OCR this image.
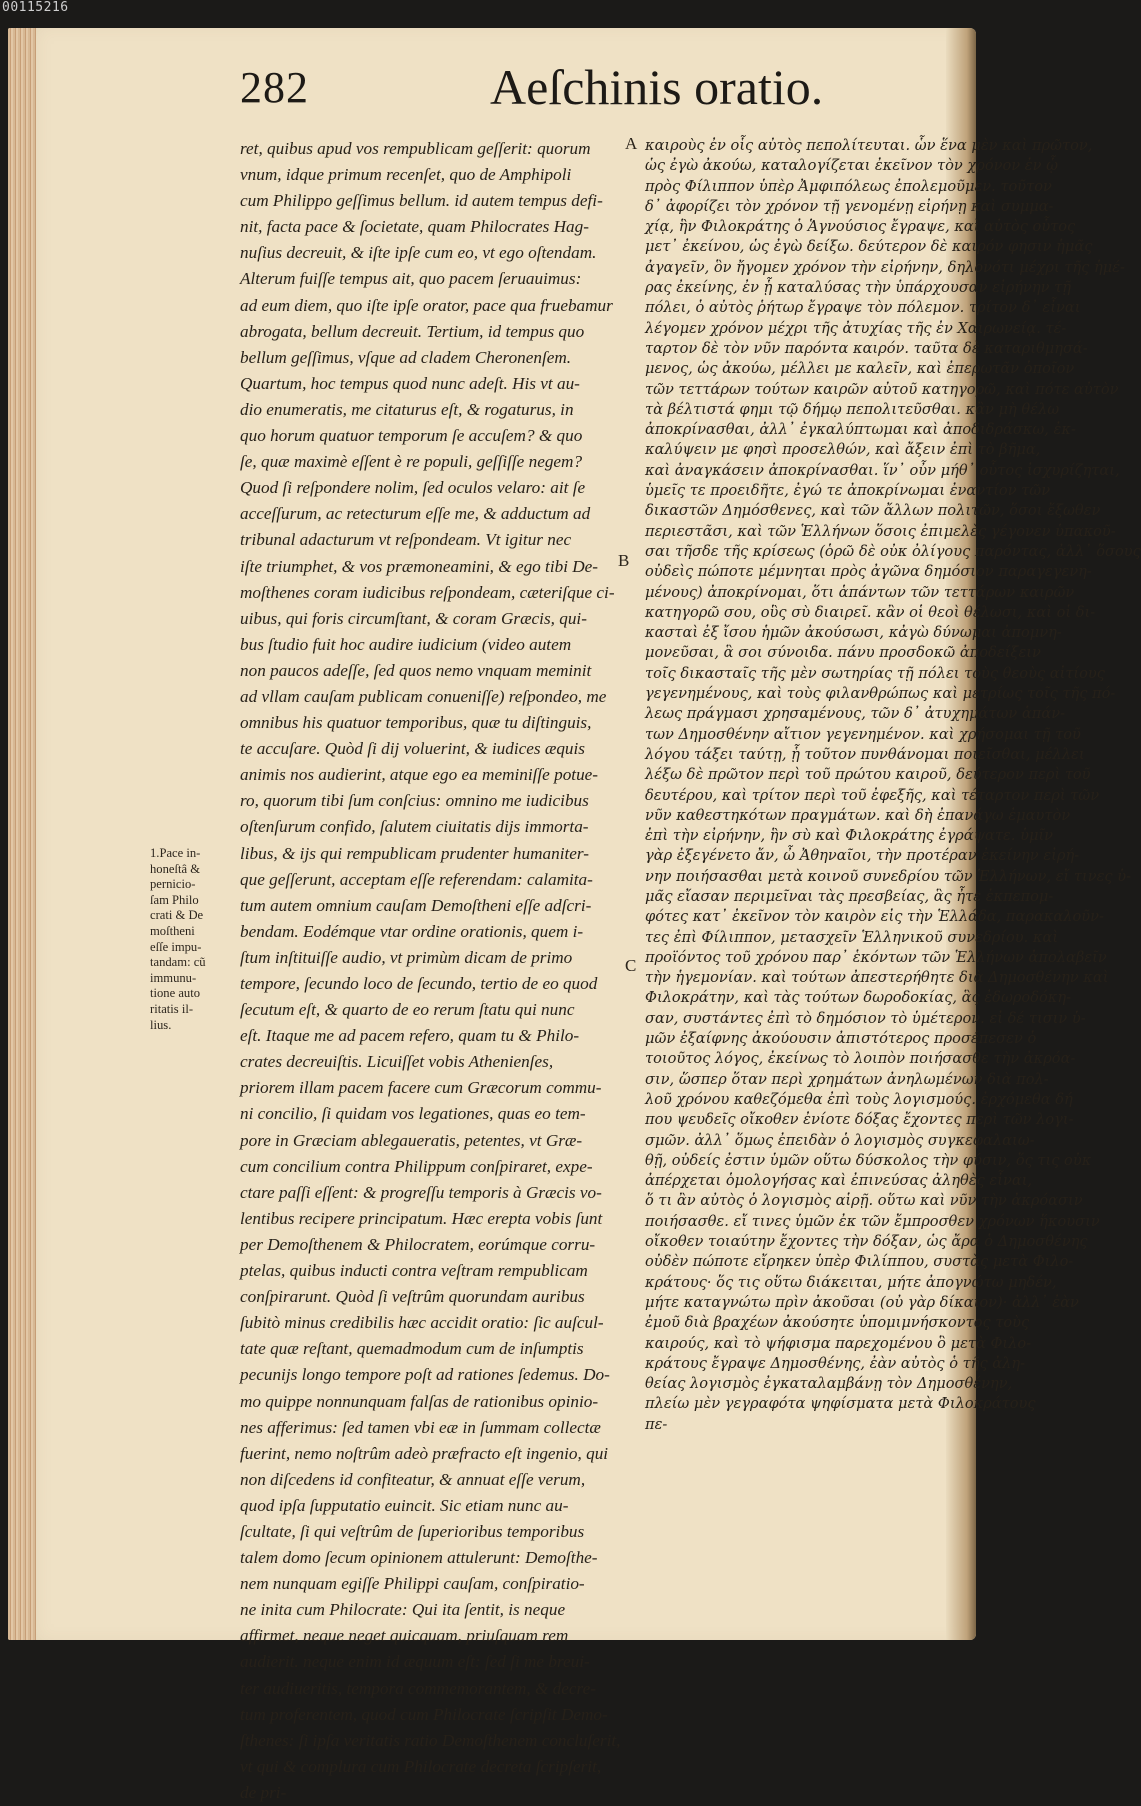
00115216
282	Aeſchinis oratio.
ret, quibus apud vos rempublicam geſſerit: quorum
vnum, idque primum recenſet, quo de Amphipoli
cum Philippo geſſimus bellum. id autem tempus defi-
nit, facta pace & ſocietate, quam Philocrates Hag-
nuſius decreuit, & iſte ipſe cum eo, vt ego oſtendam.
Alterum fuiſſe tempus ait, quo pacem ſeruauimus:
ad eum diem, quo iſte ipſe orator, pace qua fruebamur
abrogata, bellum decreuit. Tertium, id tempus quo
bellum geſſimus, vſque ad cladem Cheronenſem.
Quartum, hoc tempus quod nunc adeſt. His vt au-
dio enumeratis, me citaturus eſt, & rogaturus, in
quo horum quatuor temporum ſe accuſem? & quo
ſe, quæ maximè eſſent è re populi, geſſiſſe negem?
Quod ſi reſpondere nolim, ſed oculos velaro: ait ſe
acceſſurum, ac retecturum eſſe me, & adductum ad
tribunal adacturum vt reſpondeam. Vt igitur nec
iſte triumphet, & vos præmoneamini, & ego tibi De-
moſthenes coram iudicibus reſpondeam, cæteriſque ci-
uibus, qui foris circumſtant, & coram Græcis, qui-
bus ſtudio fuit hoc audire iudicium (video autem
non paucos adeſſe, ſed quos nemo vnquam meminit
ad vllam cauſam publicam conueniſſe) reſpondeo, me
omnibus his quatuor temporibus, quæ tu diſtinguis,
te accuſare. Quòd ſi dij voluerint, & iudices æquis
animis nos audierint, atque ego ea meminiſſe potue-
ro, quorum tibi ſum conſcius: omnino me iudicibus
oſtenſurum confido, ſalutem ciuitatis dijs immorta-
libus, & ijs qui rempublicam prudenter humaniter-
que geſſerunt, acceptam eſſe referendam: calamita-
tum autem omnium cauſam Demoſtheni eſſe adſcri-
bendam. Eodémque vtar ordine orationis, quem i-
ſtum inſtituiſſe audio, vt primùm dicam de primo
tempore, ſecundo loco de ſecundo, tertio de eo quod
ſecutum eſt, & quarto de eo rerum ſtatu qui nunc
eſt. Itaque me ad pacem refero, quam tu & Philo-
crates decreuiſtis. Licuiſſet vobis Athenienſes,
priorem illam pacem facere cum Græcorum commu-
ni concilio, ſi quidam vos legationes, quas eo tem-
pore in Græciam ablegaueratis, petentes, vt Græ-
cum concilium contra Philippum conſpiraret, expe-
ctare paſſi eſſent: & progreſſu temporis à Græcis vo-
lentibus recipere principatum. Hæc erepta vobis ſunt
per Demoſthenem & Philocratem, eorúmque corru-
ptelas, quibus inducti contra veſtram rempublicam
conſpirarunt. Quòd ſi veſtrûm quorundam auribus
ſubitò minus credibilis hæc accidit oratio: ſic auſcul-
tate quæ reſtant, quemadmodum cum de inſumptis
pecunijs longo tempore poſt ad rationes ſedemus. Do-
mo quippe nonnunquam falſas de rationibus opinio-
nes afferimus: ſed tamen vbi eæ in ſummam collectæ
fuerint, nemo noſtrûm adeò præfracto eſt ingenio, qui
non diſcedens id confiteatur, & annuat eſſe verum,
quod ipſa ſupputatio euincit. Sic etiam nunc au-
ſcultate, ſi qui veſtrûm de ſuperioribus temporibus
talem domo ſecum opinionem attulerunt: Demoſthe-
nem nunquam egiſſe Philippi cauſam, conſpiratio-
ne inita cum Philocrate: Qui ita ſentit, is neque
affirmet, neque neget quicquam, priuſquam rem
audierit. neque enim id æquum eſt: ſed ſi me breui-
ter audiueritis, tempora commemorantem, & decre-
tum proferentem, quod cum Philocrate ſcripſit Demo-
ſthenes: ſi ipſa veritatis ratio Demoſthenem concluſerit,
vt qui & complura cum Philocrate decreta ſcripſerit,
de pri-
καιροὺς ἐν οἷς αὐτὸς πεπολίτευται. ὧν ἕνα μὲν καὶ πρῶτον,
ὡς ἐγὼ ἀκούω, καταλογίζεται ἐκεῖνον τὸν χρόνον ἐν ᾧ
πρὸς Φίλιππον ὑπὲρ Ἀμφιπόλεως ἐπολεμοῦμεν. τοῦτον
δ᾽ ἀφορίζει τὸν χρόνον τῇ γενομένῃ εἰρήνῃ καὶ συμμα-
χίᾳ, ἣν Φιλοκράτης ὁ Ἁγνούσιος ἔγραψε, καὶ αὐτὸς οὗτος
μετ᾽ ἐκείνου, ὡς ἐγὼ δείξω. δεύτερον δὲ καιρόν φησιν ἡμᾶς
ἀγαγεῖν, ὃν ἤγομεν χρόνον τὴν εἰρήνην, δηλονότι μέχρι τῆς ἡμέ-
ρας ἐκείνης, ἐν ᾗ καταλύσας τὴν ὑπάρχουσαν εἰρήνην τῇ
πόλει, ὁ αὐτὸς ῥήτωρ ἔγραψε τὸν πόλεμον. τρίτον δ᾽ εἶναι
λέγομεν χρόνον μέχρι τῆς ἀτυχίας τῆς ἐν Χαιρωνείᾳ. τέ-
ταρτον δὲ τὸν νῦν παρόντα καιρόν. ταῦτα δὲ καταριθμησά-
μενος, ὡς ἀκούω, μέλλει με καλεῖν, καὶ ἐπερωτᾶν ὁποῖον
τῶν τεττάρων τούτων καιρῶν αὐτοῦ κατηγορῶ, καὶ πότε αὐτὸν
τὰ βέλτιστά φημι τῷ δήμῳ πεπολιτεῦσθαι. κἂν μὴ θέλω
ἀποκρίνασθαι, ἀλλ᾽ ἐγκαλύπτωμαι καὶ ἀποδιδράσκω, ἐκ-
καλύψειν με φησὶ προσελθών, καὶ ἄξειν ἐπὶ τὸ βῆμα,
καὶ ἀναγκάσειν ἀποκρίνασθαι. ἵν᾽ οὖν μήθ᾽ οὗτος ἰσχυρίζηται,
ὑμεῖς τε προειδῆτε, ἐγώ τε ἀποκρίνωμαι ἐναντίον τῶν
δικαστῶν Δημόσθενες, καὶ τῶν ἄλλων πολιτῶν, ὅσοι ἔξωθεν
περιεστᾶσι, καὶ τῶν Ἑλλήνων ὅσοις ἐπιμελὲς γέγονεν ὑπακοῦ-
σαι τῆσδε τῆς κρίσεως (ὁρῶ δὲ οὐκ ὀλίγους παρόντας, ἀλλ᾽ ὅσους
οὐδεὶς πώποτε μέμνηται πρὸς ἀγῶνα δημόσιον παραγεγενη-
μένους) ἀποκρίνομαι, ὅτι ἁπάντων τῶν τεττάρων καιρῶν
κατηγορῶ σου, οὓς σὺ διαιρεῖ. κἂν οἱ θεοὶ θέλωσι, καὶ οἱ δι-
κασταὶ ἐξ ἴσου ἡμῶν ἀκούσωσι, κἀγὼ δύνωμαι ἀπομνη-
μονεῦσαι, ἃ σοι σύνοιδα. πάνυ προσδοκῶ ἀποδείξειν
τοῖς δικασταῖς τῆς μὲν σωτηρίας τῇ πόλει τοὺς θεοὺς αἰτίους
γεγενημένους, καὶ τοὺς φιλανθρώπως καὶ μετρίως τοῖς τῆς πό-
λεως πράγμασι χρησαμένους, τῶν δ᾽ ἀτυχημάτων ἁπάν-
των Δημοσθένην αἴτιον γεγενημένον. καὶ χρήσομαι τῇ τοῦ
λόγου τάξει ταύτῃ, ᾗ τοῦτον πυνθάνομαι ποιεῖσθαι, μέλλει
λέξω δὲ πρῶτον περὶ τοῦ πρώτου καιροῦ, δεύτερον περὶ τοῦ
δευτέρου, καὶ τρίτον περὶ τοῦ ἐφεξῆς, καὶ τέταρτον περὶ τῶν
νῦν καθεστηκότων πραγμάτων. καὶ δὴ ἐπανάγω ἐμαυτὸν
ἐπὶ τὴν εἰρήνην, ἣν σὺ καὶ Φιλοκράτης ἐγράψατε. ὑμῖν
γὰρ ἐξεγένετο ἄν, ὦ Ἀθηναῖοι, τὴν προτέραν ἐκείνην εἰρή-
νην ποιήσασθαι μετὰ κοινοῦ συνεδρίου τῶν Ἑλλήνων, εἴ τινες ὑ-
μᾶς εἴασαν περιμεῖναι τὰς πρεσβείας, ἃς ἦτε ἐκπεπομ-
φότες κατ᾽ ἐκεῖνον τὸν καιρὸν εἰς τὴν Ἑλλάδα, παρακαλοῦν-
τες ἐπὶ Φίλιππον, μετασχεῖν Ἑλληνικοῦ συνεδρίου. καὶ
προϊόντος τοῦ χρόνου παρ᾽ ἑκόντων τῶν Ἑλλήνων ἀπολαβεῖν
τὴν ἡγεμονίαν. καὶ τούτων ἀπεστερήθητε διὰ Δημοσθένην καὶ
Φιλοκράτην, καὶ τὰς τούτων δωροδοκίας, ἃς ἐδωροδόκη-
σαν, συστάντες ἐπὶ τὸ δημόσιον τὸ ὑμέτερον. εἰ δέ τισιν ὑ-
μῶν ἐξαίφνης ἀκούουσιν ἀπιστότερος προσέπεσεν ὁ
τοιοῦτος λόγος, ἐκείνως τὸ λοιπὸν ποιήσασθε τὴν ἀκρόα-
σιν, ὥσπερ ὅταν περὶ χρημάτων ἀνηλωμένων διὰ πολ-
λοῦ χρόνου καθεζόμεθα ἐπὶ τοὺς λογισμούς. ἐρχόμεθα δή
που ψευδεῖς οἴκοθεν ἐνίοτε δόξας ἔχοντες περὶ τῶν λογι-
σμῶν. ἀλλ᾽ ὅμως ἐπειδὰν ὁ λογισμὸς συγκεφαλαιω-
θῇ, οὐδείς ἐστιν ὑμῶν οὕτω δύσκολος τὴν φύσιν, ὅς τις οὐκ
ἀπέρχεται ὁμολογήσας καὶ ἐπινεύσας ἀληθὲς εἶναι,
ὅ τι ἂν αὐτὸς ὁ λογισμὸς αἱρῇ. οὕτω καὶ νῦν τὴν ἀκρόασιν
ποιήσασθε. εἴ τινες ὑμῶν ἐκ τῶν ἔμπροσθεν χρόνων ἥκουσιν
οἴκοθεν τοιαύτην ἔχοντες τὴν δόξαν, ὡς ἄρα ὁ Δημοσθένης
οὐδὲν πώποτε εἴρηκεν ὑπὲρ Φιλίππου, συστὰς μετὰ Φιλο-
κράτους· ὅς τις οὕτω διάκειται, μήτε ἀπογνώτω μηδέν,
μήτε καταγνώτω πρὶν ἀκοῦσαι (οὐ γὰρ δίκαιον)· ἀλλ᾽ ἐὰν
ἐμοῦ διὰ βραχέων ἀκούσητε ὑπομιμνήσκοντος τοὺς
καιρούς, καὶ τὸ ψήφισμα παρεχομένου ὃ μετὰ Φιλο-
κράτους ἔγραψε Δημοσθένης, ἐὰν αὐτὸς ὁ τῆς ἀλη-
θείας λογισμὸς ἐγκαταλαμβάνῃ τὸν Δημοσθένην,
πλείω μὲν γεγραφότα ψηφίσματα μετὰ Φιλοκράτους
πε-
1.Pace in-
honeſtâ &
pernicio-
ſam Philo
crati & De
moſtheni
eſſe impu-
tandam: cũ
immunu-
tione auto
ritatis il-
lius.
A
B
C
